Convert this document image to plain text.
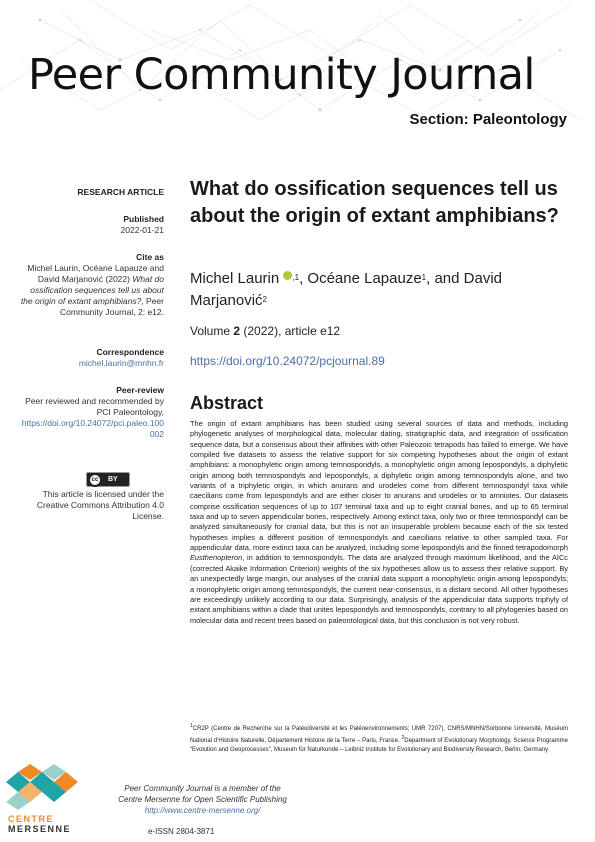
Peer Community Journal
Section: Paleontology
RESEARCH ARTICLE
Published
2022-01-21
Cite as
Michel Laurin, Océane Lapauze and David Marjanović (2022) What do ossification sequences tell us about the origin of extant amphibians?, Peer Community Journal, 2: e12.
Correspondence
michel.laurin@mnhn.fr
Peer-review
Peer reviewed and recommended by PCI Paleontology,
https://doi.org/10.24072/pci.paleo.100002
cc	BY
This article is licensed under the Creative Commons Attribution 4.0 License.
What do ossification sequences tell us about the origin of extant amphibians?
Michel Laurin $^{,1}$, Océane Lapauze$^1$, and David Marjanović$^2$
Volume 2 (2022), article e12
https://doi.org/10.24072/pcjournal.89
Abstract
The origin of extant amphibians has been studied using several sources of data and methods, including phylogenetic analyses of morphological data, molecular dating, stratigraphic data, and integration of ossification sequence data, but a consensus about their affinities with other Paleozoic tetrapods has failed to emerge. We have compiled five datasets to assess the relative support for six competing hypotheses about the origin of extant amphibians: a monophyletic origin among temnospondyls, a monophyletic origin among lepospondyls, a diphyletic origin among both temnospondyls and lepospondyls, a diphyletic origin among temnospondyls alone, and two variants of a triphyletic origin, in which anurans and urodeles come from different temnospondyl taxa while caecilians come from lepospondyls and are either closer to anurans and urodeles or to amniotes. Our datasets comprise ossification sequences of up to 107 terminal taxa and up to eight cranial bones, and up to 65 terminal taxa and up to seven appendicular bones, respectively. Among extinct taxa, only two or three temnospondyl can be analyzed simultaneously for cranial data, but this is not an insuperable problem because each of the six tested hypotheses implies a different position of temnospondyls and caecilians relative to other sampled taxa. For appendicular data, more extinct taxa can be analyzed, including some lepospondyls and the finned tetrapodomorph Eusthenopteron, in addition to temnospondyls. The data are analyzed through maximum likelihood, and the AICc (corrected Akaike Information Criterion) weights of the six hypotheses allow us to assess their relative support. By an unexpectedly large margin, our analyses of the cranial data support a monophyletic origin among lepospondyls; a monophyletic origin among temnospondyls, the current near-consensus, is a distant second. All other hypotheses are exceedingly unlikely according to our data. Surprisingly, analysis of the appendicular data supports triphyly of extant amphibians within a clade that unites lepospondyls and temnospondyls, contrary to all phylogenies based on molecular data and recent trees based on paleontological data, but this conclusion is not very robust.
$^1$CR2P (Centre de Recherche sur la Paléodiversité et les Paléoenvironnements; UMR 7207), CNRS/MNHN/Sorbonne Université, Muséum National d'Histoire Naturelle, Département Histoire de la Terre – Paris, France, $^2$Department of Evolutionary Morphology, Science Programme “Evolution and Geoprocesses”, Museum für Naturkunde – Leibniz Institute for Evolutionary and Biodiversity Research, Berlin, Germany
CENTRE
MERSENNE
Peer Community Journal is a member of the
Centre Mersenne for Open Scientific Publishing
http://www.centre-mersenne.org/
e-ISSN 2804-3871
